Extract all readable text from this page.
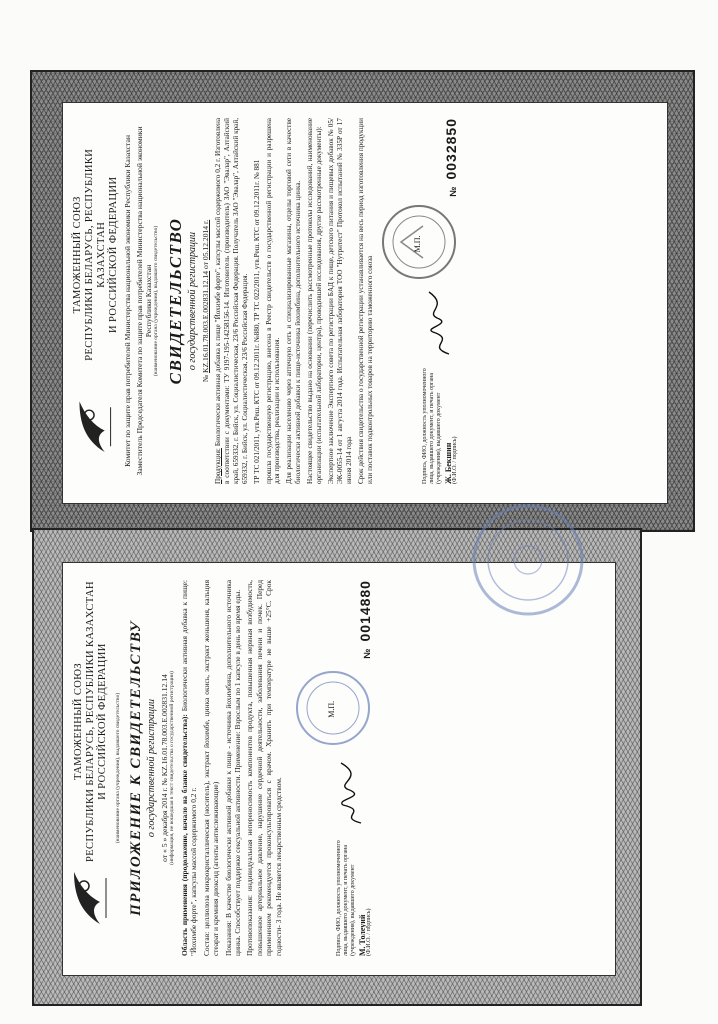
ТАМОЖЕННЫЙ СОЮЗ РЕСПУБЛИКИ БЕЛАРУСЬ, РЕСПУБЛИКИ КАЗАХСТАН И РОССИЙСКОЙ ФЕДЕРАЦИИ Комитет по защите прав потребителей Министерства национальной экономики Республики Казахстан Заместитель Председателя Комитета по защите прав потребителей Министерства национальной экономики Республики Казахстан (наименование органа (учреждения), выдавшего свидетельство) СВИДЕТЕЛЬСТВО о государственной регистрации
№ KZ.16.01.78.003.E.002831.12.14 от 05.12.2014 г.

Продукция: Биологически активная добавка к пище "Йохимбе форте", капсулы массой содержимого 0,2 г. Изготовлена в соответствии с документами: ТУ 9197-195-14258156-14. Изготовитель (производитель) ЗАО "Эвалар", Алтайский край, 659332, г. Бийск, ул. Социалистическая, 23/6 Российская Федерация. Получатель ЗАО "Эвалар", Алтайский край, 659332, г. Бийск, ул. Социалистическая, 23/6 Российская Федерация. ТР ТС 021/2011, утв.Реш. КТС от 09.12.2011г. №880, ТР ТС 022/2011, утв.Реш. КТС от 09.12.2011г. № 881 прошла государственную регистрацию, внесена в Реестр свидетельств о государственной регистрации и разрешена для производства, реализации и использования. Для реализации населению через аптечную сеть и специализированные магазины, отделы торговой сети в качестве биологически активной добавки к пище-источника йохимбина, дополнительного источника цинка. Настоящее свидетельство выдано на основании (перечислить рассмотренные протоколы исследований, наименование организации (испытательной лаборатории, центра), проводившей исследования, другие рассмотренные документы): Экспертное заключение Экспертного совета по регистрации БАД к пище, детского питания и пищевых добавок № 05/ЭК-0055-14 от 1 августа 2014 года. Испытательная лаборатория ТОО "Нутритест" Протокол испытаний № 335Р от 17 июня 2014 года Срок действия свидетельства о государственной регистрации устанавливается на весь период изготовления продукции или поставок подконтрольных товаров на территорию таможенного союза	Подпись, ФИО, должность уполномоченного лица, выдавшего документ, и печать органа (учреждения), выдавшего документ Ж. Бекшин (Ф.И.О. / подпись)
М.П.
№0032850
ТАМОЖЕННЫЙ СОЮЗ РЕСПУБЛИКИ БЕЛАРУСЬ, РЕСПУБЛИКИ КАЗАХСТАН И РОССИЙСКОЙ ФЕДЕРАЦИИ (наименование органа (учреждения), выдавшего свидетельство) ПРИЛОЖЕНИЕ К СВИДЕТЕЛЬСТВУ о государственной регистрации от « 5 » декабря 2014 г. № KZ.16.01.78.003.E.002831.12.14 (информация, не вошедшая в текст свидетельства о государственной регистрации) Область применения (продолжение, начало на бланке свидетельства): Биологически активная добавка к пище: "Йохимбе форте", капсулы массой содержимого 0,2 г. Состав: целлюлоза микрокристаллическая (носитель), экстракт йохимбе, цинка окись, экстракт женьшеня, кальция стеарат и кремния диоксид (агенты антислеживающие) Показания: В качестве биологически активной добавки к пище - источника йохимбина, дополнительного источника цинка. Способствует поддержке сексуальной активности. Применение: Взрослым по 1 капсуле в день во время еды. Противопоказания: индивидуальная непереносимость компонентов продукта, повышенная нервная возбудимость, повышенное артериальное давление, нарушение сердечной деятельности, заболевания печени и почек. Перед применением рекомендуется проконсультироваться с врачом. Хранить при температуре не выше +25°С. Срок годности- 3 года. Не является лекарственным средством.	Подпись, ФИО, должность уполномоченного лица, выдавшего документ, и печать органа (учреждения), выдавшего документ М. Толеуий (Ф.И.О. / подпись)
М.П.
№0014880
